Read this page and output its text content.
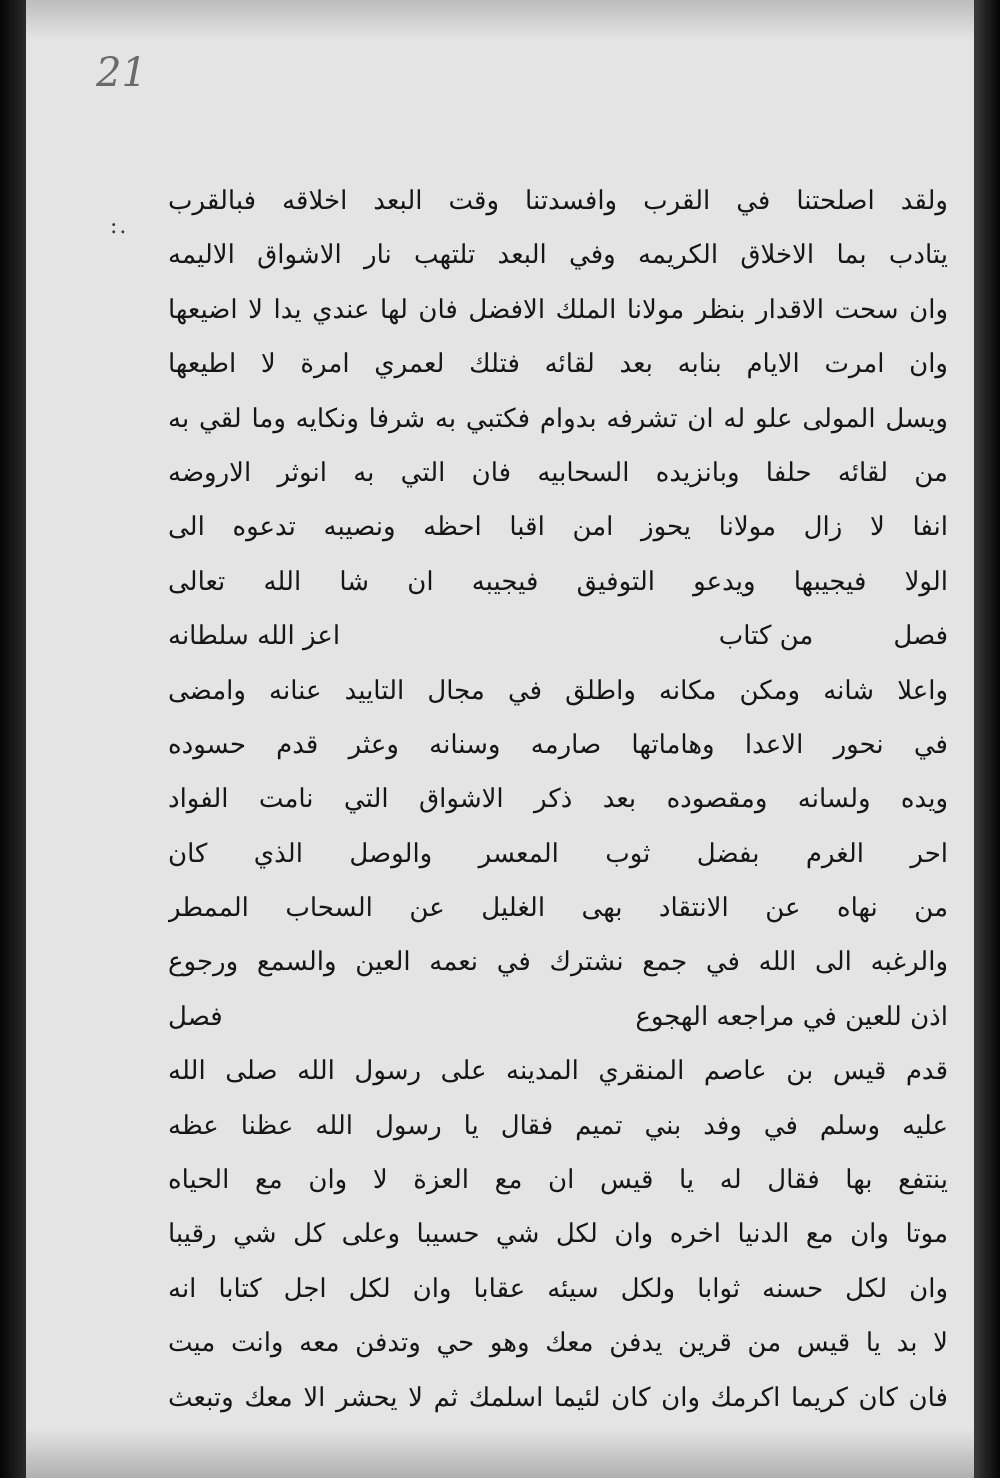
21
:.
ولقد اصلحتنا في القرب وافسدتنا وقت البعد اخلاقه فبالقرب
يتادب بما الاخلاق الكريمه وفي البعد تلتهب نار الاشواق الاليمه
وان سحت الاقدار بنظر مولانا الملك الافضل فان لها عندي يدا لا اضيعها
وان امرت الايام بنابه بعد لقائه فتلك لعمري امرة لا اطيعها
ويسل المولى علو له ان تشرفه بدوام فكتبي به شرفا ونكايه وما لقي به
من لقائه حلفا وبانزيده السحابيه فان التي به انوثر الاروضه
انفا لا زال مولانا يحوز امن اقبا احظه ونصيبه تدعوه الى
الولا فيجيبها ويدعو التوفيق فيجيبه ان شا الله تعالى
فصل
من كتاب
اعز الله سلطانه
واعلا شانه ومكن مكانه واطلق في مجال التاييد عنانه وامضى
في نحور الاعدا وهاماتها صارمه وسنانه وعثر قدم حسوده
ويده ولسانه ومقصوده بعد ذكر الاشواق التي نامت الفواد
احر الغرم بفضل ثوب المعسر والوصل الذي كان
من نهاه عن الانتقاد بهى الغليل عن السحاب الممطر
والرغبه الى الله في جمع نشترك في نعمه العين والسمع ورجوع
اذن للعين في مراجعه الهجوع
فصل
قدم قيس بن عاصم المنقري المدينه على رسول الله صلى الله
عليه وسلم في وفد بني تميم فقال يا رسول الله عظنا عظه
ينتفع بها فقال له يا قيس ان مع العزة لا وان مع الحياه
موتا وان مع الدنيا اخره وان لكل شي حسيبا وعلى كل شي رقيبا
وان لكل حسنه ثوابا ولكل سيئه عقابا وان لكل اجل كتابا انه
لا بد يا قيس من قرين يدفن معك وهو حي وتدفن معه وانت ميت
فان كان كريما اكرمك وان كان لئيما اسلمك ثم لا يحشر الا معك وتبعث
